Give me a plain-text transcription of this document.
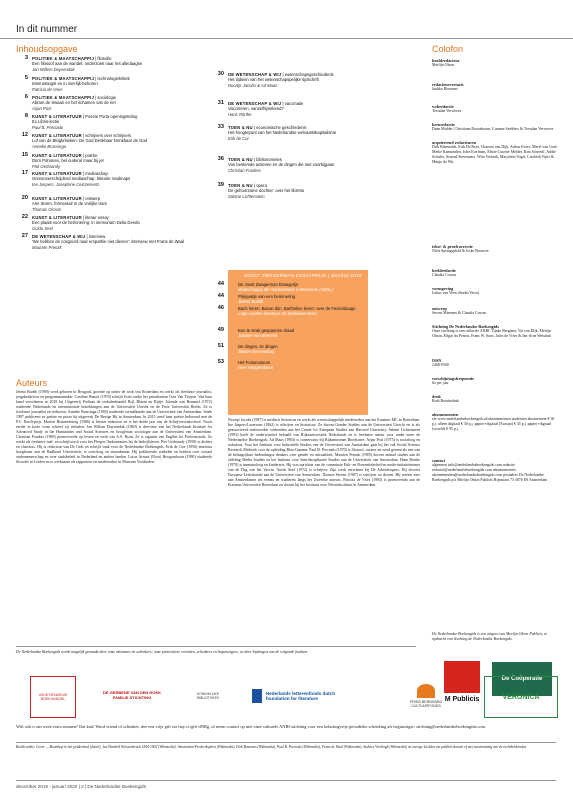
In dit nummer
Inhoudsopgave
3 POLITIEK & MAATSCHAPPIJ | filosofie
Een filosoof aan de wandel: onderzoek naar het alledaagse
Jan Willem Duyvendak
5 POLITIEK & MAATSCHAPPIJ | technologiekritiek
Internetangst en in niet-lijk-behoren
Patricia de Vries
6 POLITIEK & MAATSCHAPPIJ | sociologie
Abram de Swaan en het schamen van de eer
Arjan Post
8 KUNST & LITERATUUR | Poëzie Porta openingsteling
Ex Libris-lectie
Paul B. Preciado
12 KUNST & LITERATUUR | schrijvers over schrijvers
Lof van de Blogkritieken: De God Denkbaar Denkbaar de God
Anneke Brassinga
15 KUNST & LITERATUUR | poëzie
Dorn Pohonen, bel ouderal maar bij jet
Piet Gerbrandy
17 KUNST & LITERATUUR | mediaschap
Grensoverschrijdend mediaschap: literaire roadmaps
Ine Jaspers, Josephine Ceiczemerts
20 KUNST & LITERATUUR | ontwerp
Arie Storm, formeetair in de vrolijke tram
Thomas Olsson
22 KUNST & LITERATUUR | literair essay
Een plaats voor de herinnering: in memoriam Delia Dendo
Guido Snel
27 DE WETENSCHAP & WIJ | interview
'We hebben de cosgoord naar empathie niet dienen': interview met Frans de Waal
Maurten Prenzk
30 DE WETENSCHAP & WIJ | wetenschapsgeschiedenis
Het tijdsein van het wetenschapspelijke tijdschrift
Noortje Jacobs & Ad Maas
31 DE WETENSCHAP & WIJ | vaccinatie
Vaccineren, vanzelfsprekend?
Hans Rörthe
33 TOEN & NU | economische geschiedenis
Het hoogtepunt van het Nederlandse welvaartskapitalisme
Erik de Cor
36 TOEN & NU | biblionomeies
Van bestemde actieven en de dingen die niet voorbijgaan
Christian Frankes
39 TOEN & NU | opera
De gehoorzame dochter: over het libretto
Sabine Lichtenstein
JOOST ZWAGERMAN ESSAYPRIJS | shortlist 2019
44	De Joost Zwagerman Essayprijs
Maatschappij der Nederlandse Letterkunde (NdNL)
44	Prijsjuwtje van een herinnering
Jelena Buddk
46	Bach heren, Bacon dim, Bartheline lezen: over de Facieridauge
Loge Lunden-literatuur als landelaan boed
49	Een te strak gespannen draad
Jolande van Bemmel
51	De dingen, ze dingen
Manon Bosseeding
53	Het Fotomuseum
Neel Hoogendoorn
Colofon
hoofdredacteur
Merlijn Olnon
redactiesecretaris
Jaakko Ritsemer
webredactie
Tresalan Verweoes
kernredactie
Daan Mulder, Christiaan Roozeboom, Lizanne Snelders & Tresalan Verweoes
acquirerend redacteuren
Dirk Rheenalds, Erik De Boer, Charena van Dijk, Arthur Evers, Merel van Goel, Mieke Kamstraber, John Koelman, Marie Couette Melder, Kim Scheerlf, Addie Schuler, Arnoud Stevenaars, Wim Verbruk, Marjolein Vogel, Liesbeth Vijits & Manjo de Wit
tekst- & proefcorrectie
Niels Springspleld & Jeske Brouwer
beeldredactie
Claudia Cossns
vormgeving
Lukas van Veen (StudioVerra)
ontwerp
Jeroen Mimmes & Claudia Cossns
Stichting De Nederlandse Boekengids
Onze stichting is een culturele ANBI. Tijnke Bergsma, Vai van Dijk, Merlijn Olnon, Edgar du Perron, Frans W. Saris, Jules de Vries & Jan-Arne Weistink
ISSN
2468-9300
verschijningsfrequentie
6x per jaar
druk
Rodi Rotatiedruk
abonnementen
zie www.nederlandseboekengids.nl/abonnementen studenten abonnement € 30 p.j. alleen digitaal € 30 p.j. papier+digitaal (Europa) € 45 p.j. papier+digitaal (wereld) € 95 p.j.
contact
algemeen info@nederlandseboekengids.com redactie redactie@nederlandseboekengids.com abonnementen abonnementen@nederlandseboekengids.com postadres De Nederlandse Boekengids p/a Merlijn Olnon Publicis Rijnstraat 73 3076 ES Amsterdam
De Nederlandse Boekengids is een uitgave van Merlijn Olnon Publicis, in opdracht van Stichting de Nederlandse Boekengids.
Auteurs
Jelena Budek (1990) werd geboren in Beograd, groeide op onder de rook van Rotterdam en werkt als freelance journalist, jeugdredacteur en programmamaker. Caroline Benoit (1970) schrijft fictie onder het pseudoniem Cien Van Thuyne. Van haar hand verschenen in 2018 bij Uitgeverij Podium de verhalenbundel Bijl, Blazin en Bijtje. Jolanda van Bemmel (1972) studeerde Nederlands en internationale betrekkingen aan de Universiteit Utrecht en de Freie Universität Berlin. Ze is freelance journalist en redacteur. Anneke Brassinga (1948) studeerde vertaalkunde aan de Universiteit van Amsterdam. Sinds 1987 publiceert ze poëzie en proza bij uitgeverij De Bezige Bij in Amsterdam. In 2015 werd haar poëzie bekroond met de P.C. Hooft-prijs. Marion Bruineeksteig (1986) is literair redacteur en is het derde jaar van de Schrijversvakschool. Nooit eerder in korte vorm schreef zij verhalen. Jan Willem Duyvendak (1960) is directeur van het Netherlands Institute for Advanced Study in the Humanities and Social Sciences en hoogleraar sociologie aan de Universiteit van Amsterdam. Christian Frankes (1969) promoveerde op lessen en werk van A.S. Byatt. Ze is organist van English for Professionals. Ze werkt als freelance taal- en schrijfcoach voor het Flesper Ondernemers bij de bedrijfsleven. Piet Gerbrandy (1958) is dichter en classicus. Hij is redacteur van De Gids en schrijft vaak voor de Nederlandse Boekengids. Erik de Goe (1956) emeritus hoogleraar aan de Radboud Universiteit, is socioloog en sinarakeunn. Hij publiceerde artikelen en boeken over sociaal ondernemerschap en over stadsbeleid in Nederland en andere landen. Lucas Arnout (Noot) Hoogendoorn (1990) studeerde filosofie in Leiden en is werkzaam als rapporteur en medewerker in Museum Voorlinden.
Noortje Jacobs (1987) is medisch historicus en werkt als wetenschappelijk medewerker aan het Erasmus MC in Rotterdam. Ine Jaspers-Lazerrons (1962) is schrijver en historicus. Ze docent Gender Studies aan de Universiteit Utrecht en is als geassocieerd onderzoeker verbonden aan het Center for European Studies aan Harvard University. Sabine Lichtenstein (1993) heeft de onderwijstitel behaald van Rijksuniversiteit Nederlands en is freelance auteur voor onder meer de Nederlandse Boekengids. Ad Maas (1963) is conservator bij Rijksmuseum Boerhaave. Arjan Post (1975) is socioloog en redacteur. Voor het Instituut voor Industriële Studies van de Universiteit van Amsterdam gaat hij het vak Social Science Research Methods voor de opleiding Bèta-Gamma. Paul B. Preciado (1970) is filosoof, curator en werd geeren als een van de belangrijkste hedendaagse denkers over gender en seksualiteit. Maarten Prenzk (1985) docent animal studies aan de afdeling Media Studies en het Instituut voor Interdisciplinaire Studies aan de Universiteit van Amsterdam. Hans Rörthe (1970) is immunoloog en kinderarts. Hij was oprichter van de commissie Prik- en Preventiebeleid en mede-initiatiefnemer van de Dag van het Vaccin. Guido Snel (1972) is schrijver. Zijn werk verscheen bij De Arbeiderspers. Hij doceert Europese Letterkunde aan de Universiteit van Amsterdam. Thomas Steven (1987) is schrijver en docent. Hij werkte mee aan Amsterdamse ins events en studiereis langs het Zweedse auteurs. Patricia de Vries (1983) is promovenda aan de Erasmus Universiteit Rotterdam en docent bij het Instituut voor Netwerkcultuur in Amsterdam.
M Publicis
De Coöperatie
De Nederlandse Boekengids wordt mogelijk gemaakt door onze abonnees en schenkers; onze particuliere vrienden, schenkers en begunstigers; en door bijdragen van de volgende fondsen:
AB ATHENAEUM BOEKHANDEL
DE GERBENE VAN DEN HOEK FAMILIE STICHTING
KONINKLIJKE BIBLIOTHEEK
Nederlands letterenfonds dutch foundation for literature
PRINS BERNHARD CULTUURFONDS
VERONICA
Wilt ook u ons werk extra steunen? Dat kan! Word vriend of schenker, doe een vrije gift via tiny.cc/gift-dNBg, of neem contact op met onze culturele ANBI-stichting voor een belastingvrije periodieke schenking als begunstiger: stichting@nederlandseboekengids.com.
Beeldcredits: Cover — Boomkop in het polderland (detail), Jan Hendrik Weissenbruch 1844-1902 (Wikimedia). Amsterdam-Frederiksplein (Wikimedia), Dirk Beumens (Wikimedia), Paul B. Preciado (Wikimedia), Frans de Waal (Wikimedia), Andries Vierlingh (Wikimedia) en overige beelden via publiek domein of met toestemming van de rechthebbenden.
december 2019 - januari 2020 | 2 | De Nederlandse Boekengids
